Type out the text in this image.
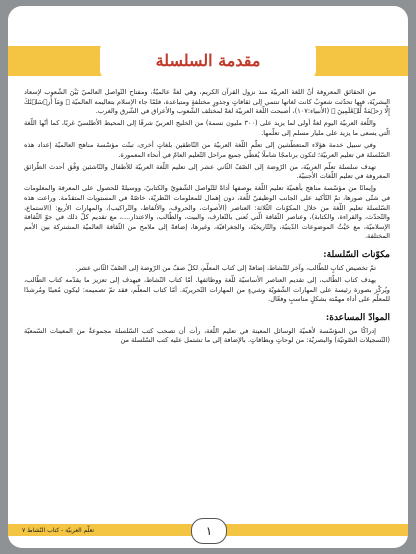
مقدمة السلسلة

من الحقائق المعروفة أنّ اللغة العربيّة منذ نزول القرآن الكريم، وهي لغةٌ عالميّةٌ، ومفتاح التّواصل العالميّ بَيْنَ الشّعوب لإسعاد البشريّة، فيها تحدّثت شعوبٌ كانت لغاتها تنتمي إلى ثقافاتٍ وجذورٍ مختلفةٍ ومتباعدة، فلمّا جاء الإسلام بتعاليمه العالميّة ﴿ وَمَآ أَرۡسَلۡنَٰكَ إِلَّا رَحۡمَةٗ لِّلۡعَٰلَمِينَ ﴾ (الأنبياء:١٠٧)، أصبحت اللّغة العربيّة لغةً لمختلف الشّعوب والأعراق في الشّرق والغرب.

واللّغة العربيّة اليوم لغةٌ أولى لما يزيد على (٣٠٠ مليون نسمة) من الخليج العربيّ شرقًا إلى المحيط الأطلسيّ غربًا، كما أنّها اللّغة الّتي يسعى ما يزيد على مليار مسلم إلى تعلّمها.

وفي سبيل خدمة هؤلاء المتعطّشين إلى تعلّم اللّغة العربيّة من النّاطقين بلغاتٍ أخرى، تبنّت مؤسّسة مناهج العالميّة إعداد هذه السّلسلة في تعليم العربيّة؛ لتكون برنامجًا شاملًا يُغطّي جميع مراحل التّعليم العامّ في أنحاء المعمورة.

تهدف سلسلة تعلّم العربيّة، من الرّوضة إلى الصّفّ الثّاني عشر إلى تعليم اللّغة العربيّة للأطفال والنّاشئين وَفْق أحدث الطّرائق المعروفة في تعليم اللّغات الأجنبيّة.

وإيمانًا من مؤسّسة مناهج بأهميّة تعليم اللّغة بوصفها أداةً للتّواصل الشّفويّ والكتابيّ، ووسيلةً للحصول على المعرفة والمعلومات في شتّى صورها، تمّ التّأكيد على الجانب الوظيفيّ للّغة، دون إهمال للمعلومات النّظريّة، خاصّةً في المستويات المتقدّمة. وراعت هذه السّلسلة تعليم اللّغة من خلال المكوّنات الثّلاثة: العناصر (الأصوات، والحروف، والألفاظ، والتّراكيب)، والمهارات الأربع: (الاستماع، والتّحدّث، والقراءة، والكتابة)، وعناصر الثّقافة الّتي تُعنى بالتّعارف، والبيت، والطّالب، والاعتذار....، مع تقديم كلّ ذلك في جوّ الثّقافة الإسلاميّة، مع حَيْثُ الموضوعات الدّينيّة، والتّاريخيّة، والجغرافيّة، وغيرها، إضافةً إلى ملامح من الثّقافة العالميّة المشتركة بين الأمم المختلفة.

مكوّنات السّلسلة:

تمّ تخصيص كتابٍ للطّالب، وآخر للنّشاط، إضافةً إلى كتاب المعلّم، لكلّ صفّ من الرّوضة إلى الصّفّ الثّاني عشر.

يهدف كتاب الطّالب، إلى تقديم العناصر الأساسيّة للّغة ووظائفها. أمّا كتاب النّشاط، فيهدف إلى تعزيز ما يقدّمه كتاب الطّالب، ويُركّز بصورة رئيسة على المهارات الشّفويّة وشيءٍ من المهارات التّحريريّة. أمّا كتاب المعلّم، فقد تمّ تصميمه: ليكون مُعينًا ومُرشدًا للمعلّم على أداء مهمّته بشكلٍ مناسبٍ وفعّال.

الموادّ المساعدة:

إدراكًا من المؤسّسة لأهميّة الوسائل المعينة في تعليم اللّغة، رأت أن تصحب كتب السّلسلة مجموعةٌ من المعينات السّمعيّة (التّسجيلات الصّوتيّة) والبصريّة: من لوحاتٍ وبطاقاتٍ. بالإضافة إلى ما تشتمل عليه كتب السّلسلة من

تعلّم العربيّة - كتاب النّشاط ٧	١
